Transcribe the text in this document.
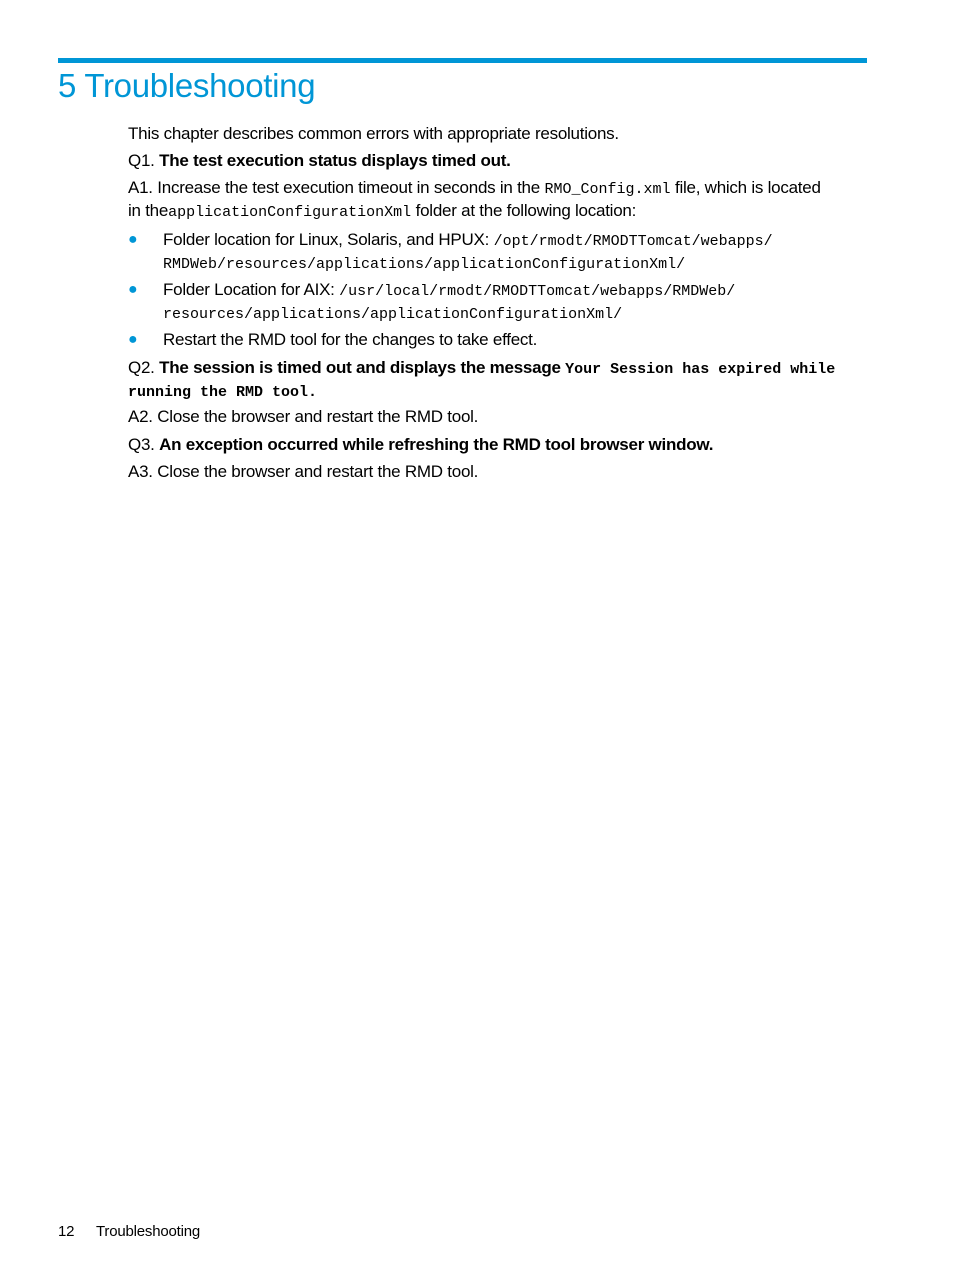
5 Troubleshooting
This chapter describes common errors with appropriate resolutions.
Q1. The test execution status displays timed out.
A1. Increase the test execution timeout in seconds in the RMO_Config.xml file, which is located
in theapplicationConfigurationXml folder at the following location:
● Folder location for Linux, Solaris, and HPUX: /opt/rmodt/RMODTTomcat/webapps/
RMDWeb/resources/applications/applicationConfigurationXml/
● Folder Location for AIX: /usr/local/rmodt/RMODTTomcat/webapps/RMDWeb/
resources/applications/applicationConfigurationXml/
● Restart the RMD tool for the changes to take effect.
Q2. The session is timed out and displays the message Your Session has expired while
running the RMD tool.
A2. Close the browser and restart the RMD tool.
Q3. An exception occurred while refreshing the RMD tool browser window.
A3. Close the browser and restart the RMD tool.
12 Troubleshooting
